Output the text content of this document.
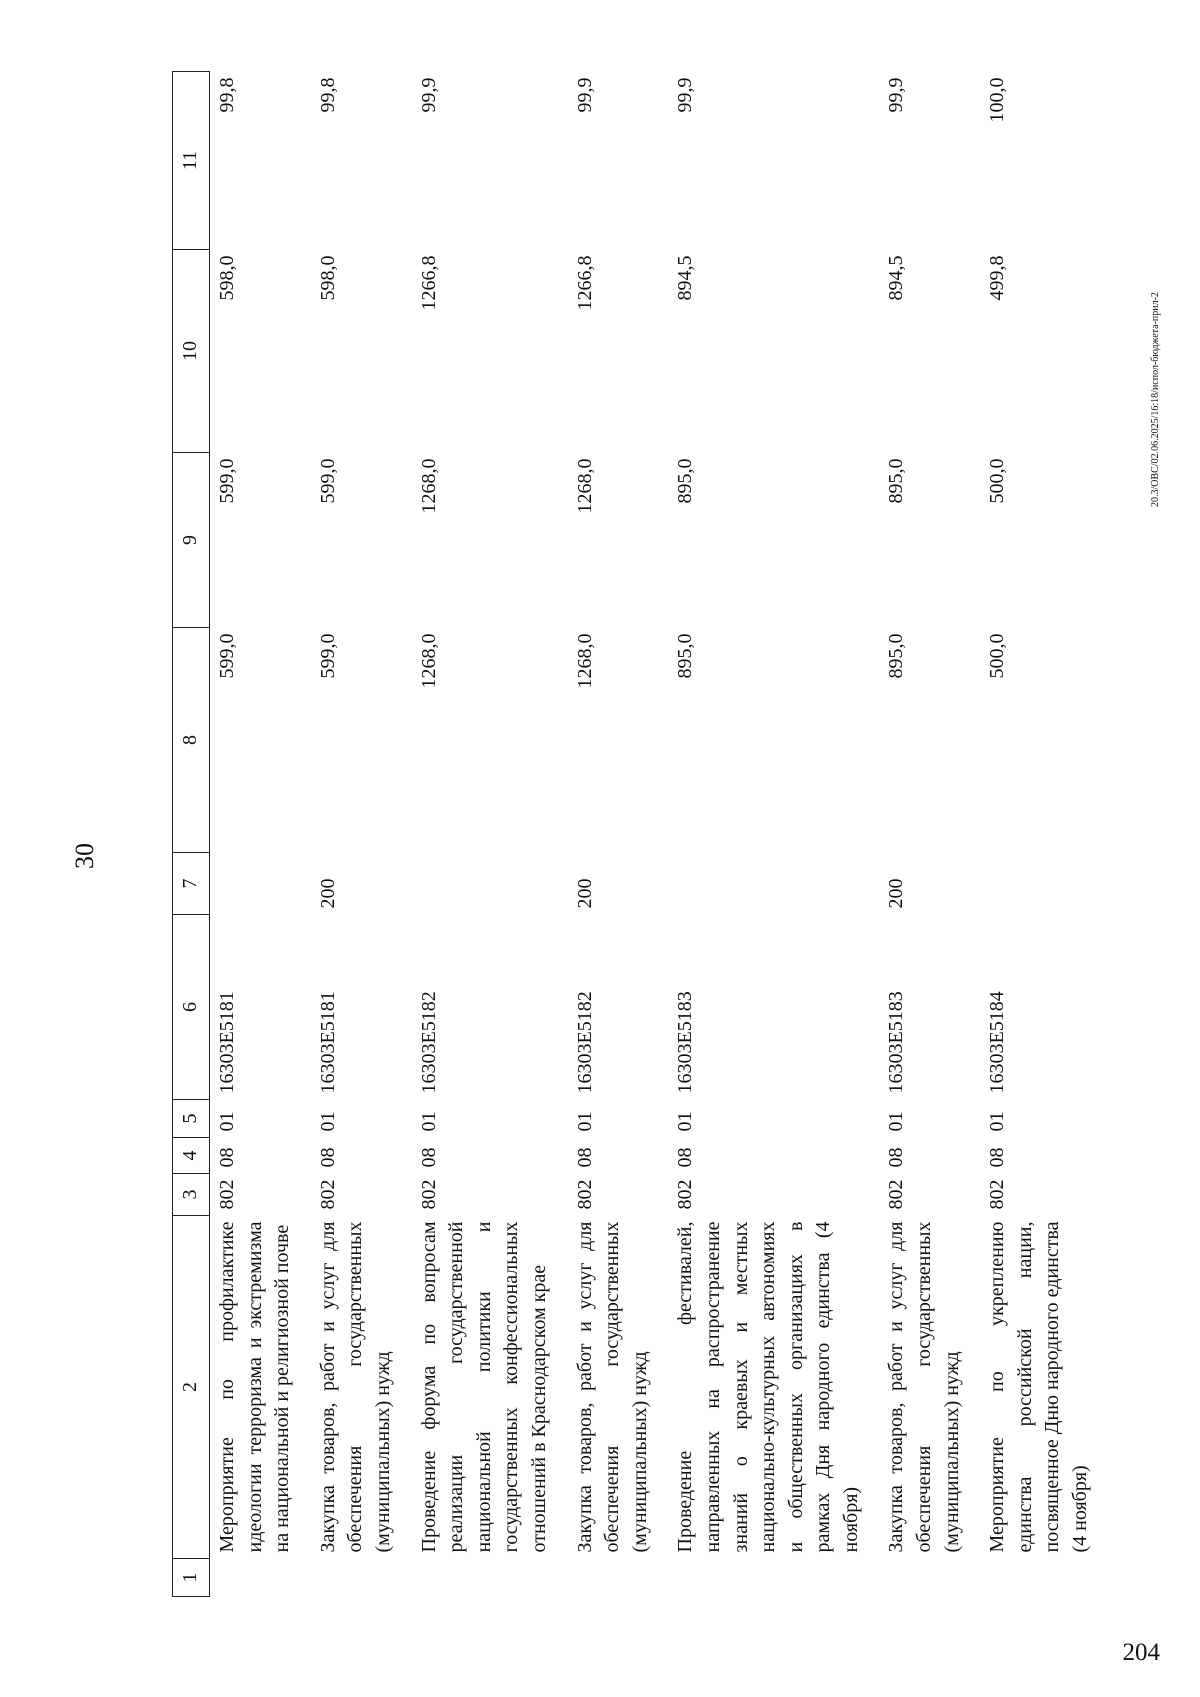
30
1	2	3	4	5	6	7	8	9	10	11
	Мероприятие по профилактике идеологии терроризма и экстремизма на национальной и религиозной почве	802	08	01	16303Е5181		599,0	599,0	598,0	99,8
	Закупка товаров, работ и услуг для обеспечения государственных (муниципальных) нужд	802	08	01	16303Е5181	200	599,0	599,0	598,0	99,8
	Проведение форума по вопросам реализации государственной национальной политики и государственных конфессиональных отношений в Краснодарском крае	802	08	01	16303Е5182		1268,0	1268,0	1266,8	99,9
	Закупка товаров, работ и услуг для обеспечения государственных (муниципальных) нужд	802	08	01	16303Е5182	200	1268,0	1268,0	1266,8	99,9
	Проведение фестивалей, направленных на распространение знаний о краевых и местных национально-культурных автономиях и общественных организациях в рамках Дня народного единства (4 ноября)	802	08	01	16303Е5183		895,0	895,0	894,5	99,9
	Закупка товаров, работ и услуг для обеспечения государственных (муниципальных) нужд	802	08	01	16303Е5183	200	895,0	895,0	894,5	99,9
	Мероприятие по укреплению единства российской нации, посвященное Дню народного единства (4 ноября)	802	08	01	16303Е5184		500,0	500,0	499,8	100,0
20.3/ОВС/02.06.2025/16:18/испол-бюджета-прил-2
204
